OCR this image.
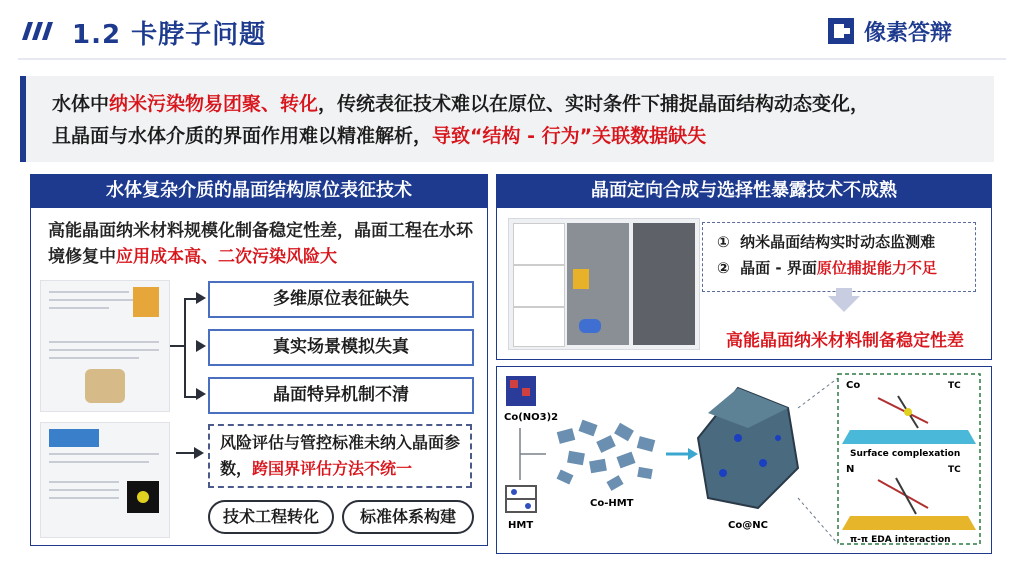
1.2 卡脖子问题	像素答辩
水体中纳米污染物易团聚、转化，传统表征技术难以在原位、实时条件下捕捉晶面结构动态变化，
且晶面与水体介质的界面作用难以精准解析，导致“结构 - 行为”关联数据缺失
水体复杂介质的晶面结构原位表征技术
高能晶面纳米材料规模化制备稳定性差，晶面工程在水环境修复中应用成本高、二次污染风险大
多维原位表征缺失
真实场景模拟失真
晶面特异机制不清
风险评估与管控标准未纳入晶面参数，跨国界评估方法不统一
技术工程转化	标准体系构建
晶面定向合成与选择性暴露技术不成熟
① 纳米晶面结构实时动态监测难
② 晶面 - 界面原位捕捉能力不足
高能晶面纳米材料制备稳定性差
Co(NO3)2
HMT
Co-HMT
Co@NC
Co	TC
Surface complexation
N	TC
π-π EDA interaction
